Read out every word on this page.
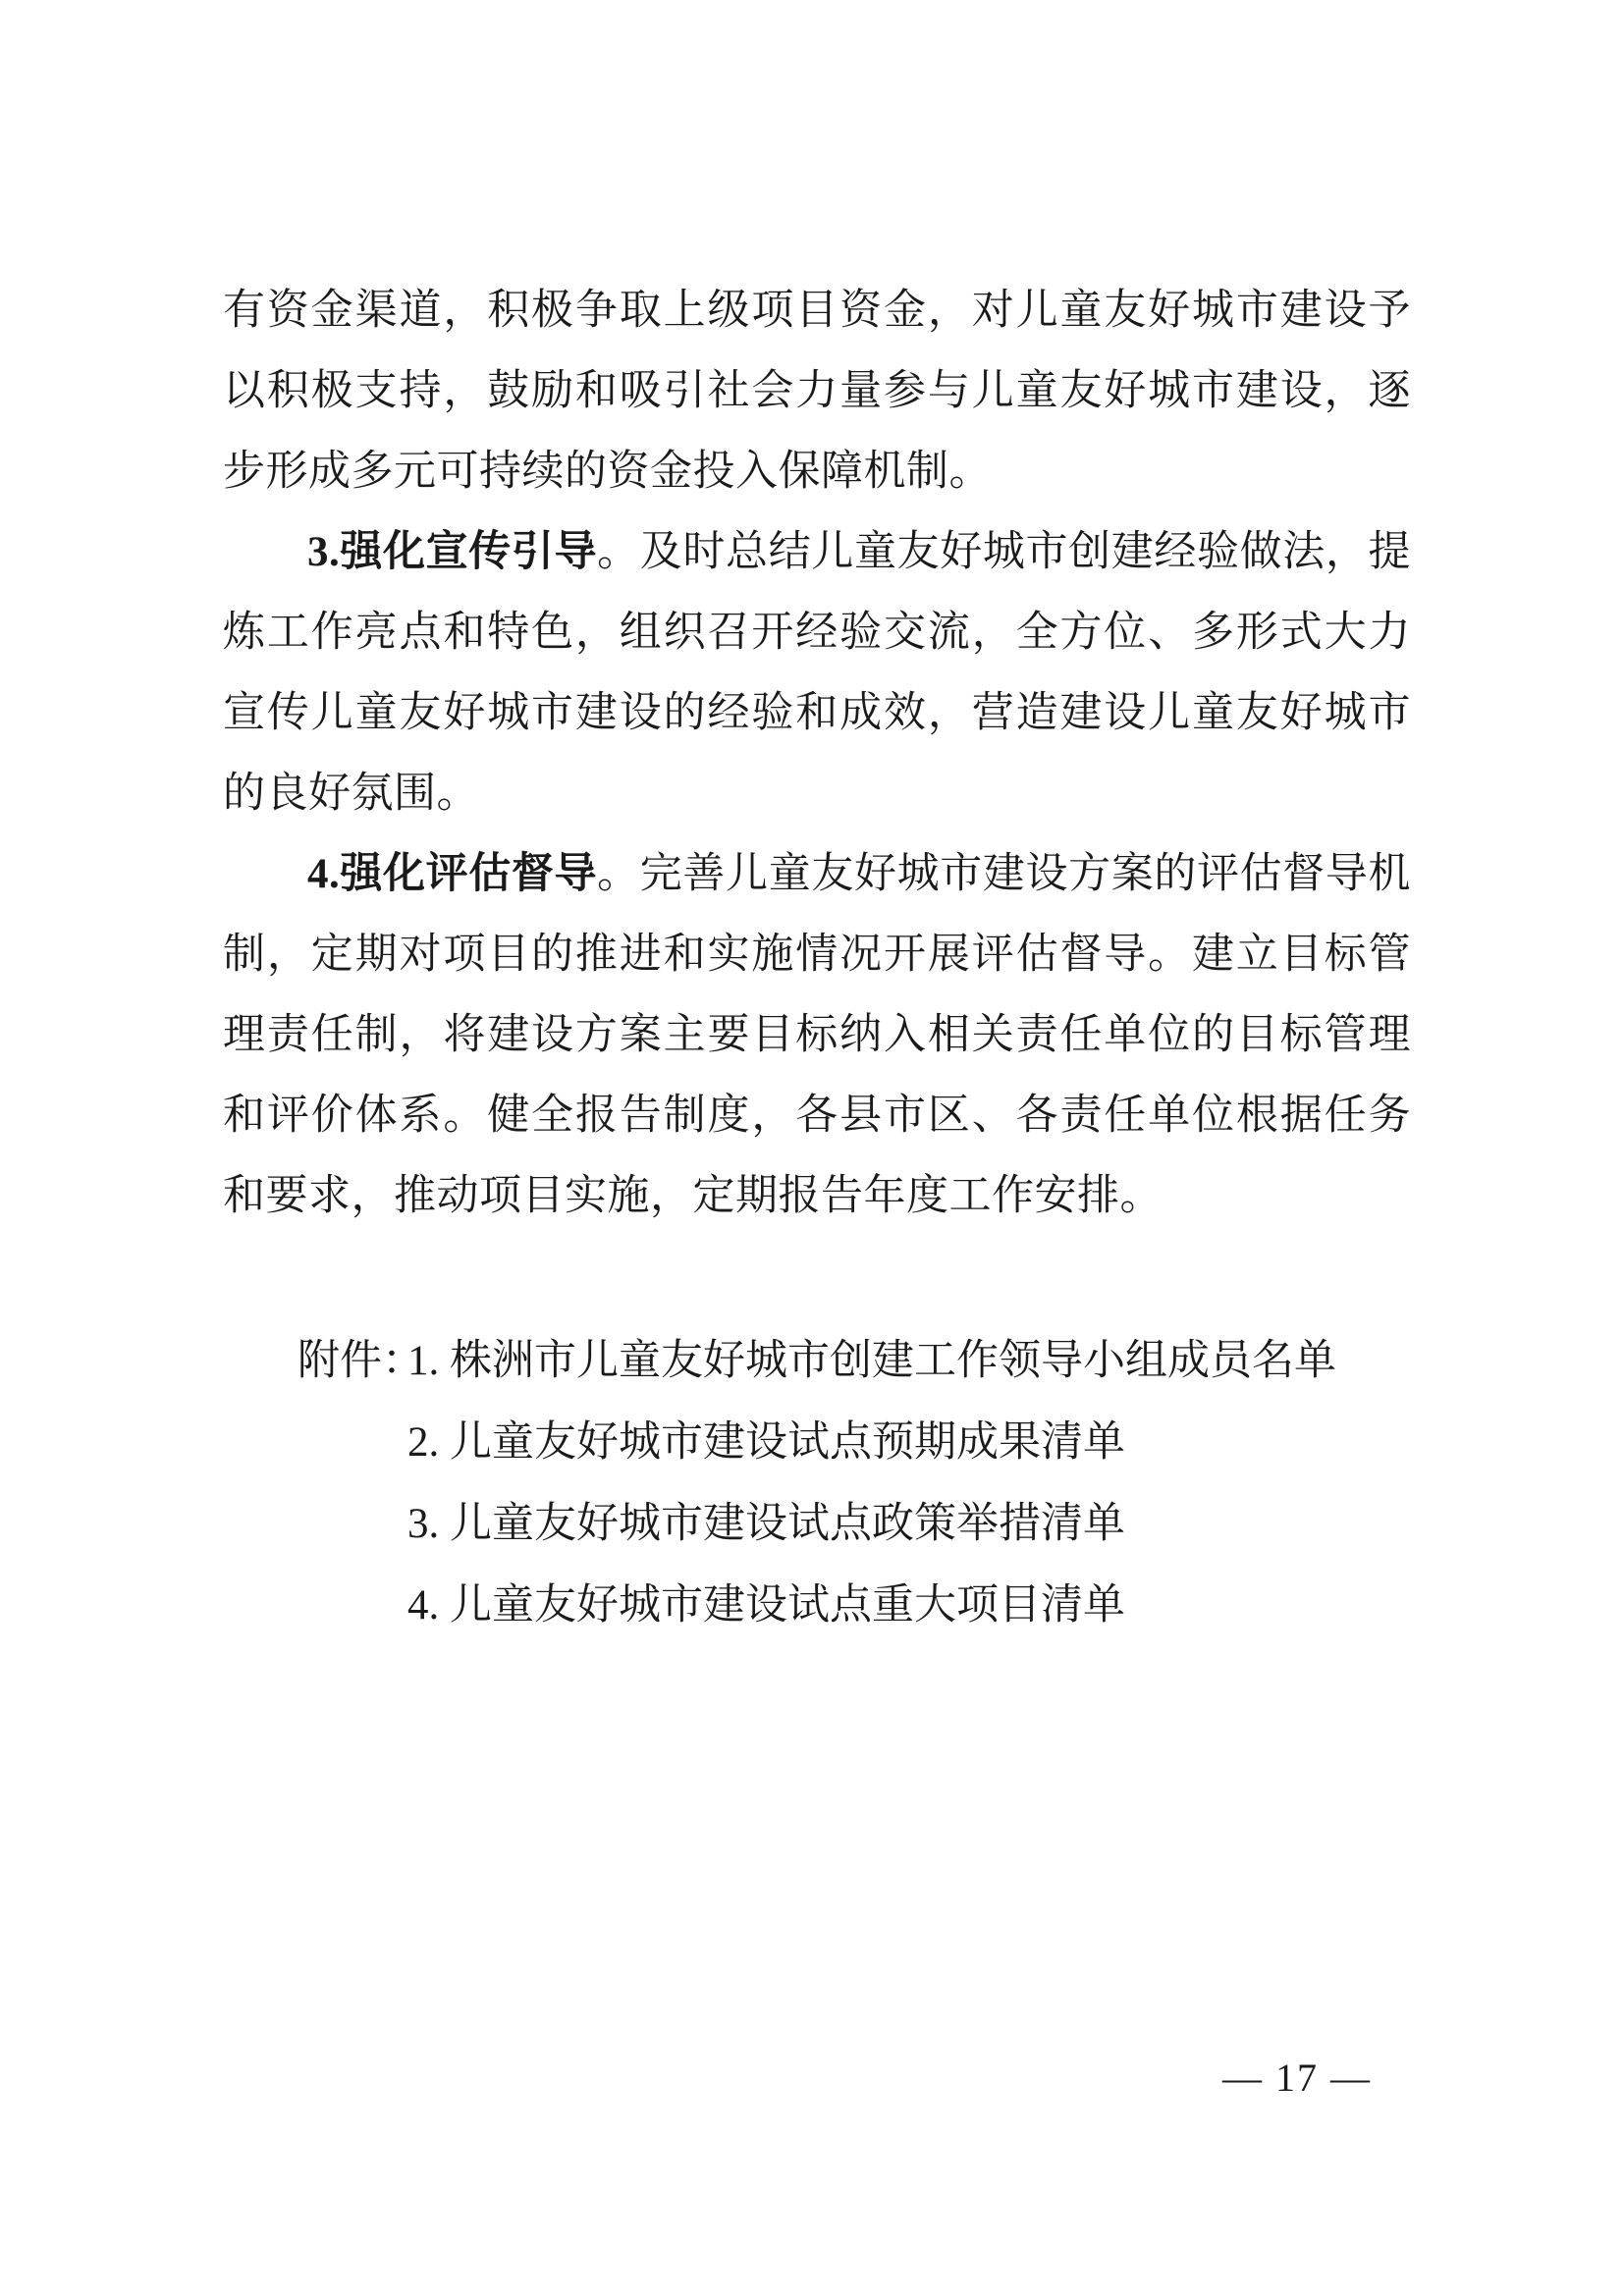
有资金渠道，积极争取上级项目资金，对儿童友好城市建设予以积极支持，鼓励和吸引社会力量参与儿童友好城市建设，逐步形成多元可持续的资金投入保障机制。

3.强化宣传引导。及时总结儿童友好城市创建经验做法，提炼工作亮点和特色，组织召开经验交流，全方位、多形式大力宣传儿童友好城市建设的经验和成效，营造建设儿童友好城市的良好氛围。

4.强化评估督导。完善儿童友好城市建设方案的评估督导机制，定期对项目的推进和实施情况开展评估督导。建立目标管理责任制，将建设方案主要目标纳入相关责任单位的目标管理和评价体系。健全报告制度，各县市区、各责任单位根据任务和要求，推动项目实施，定期报告年度工作安排。

附件：
1. 株洲市儿童友好城市创建工作领导小组成员名单
2. 儿童友好城市建设试点预期成果清单
3. 儿童友好城市建设试点政策举措清单
4. 儿童友好城市建设试点重大项目清单
— 17 —
